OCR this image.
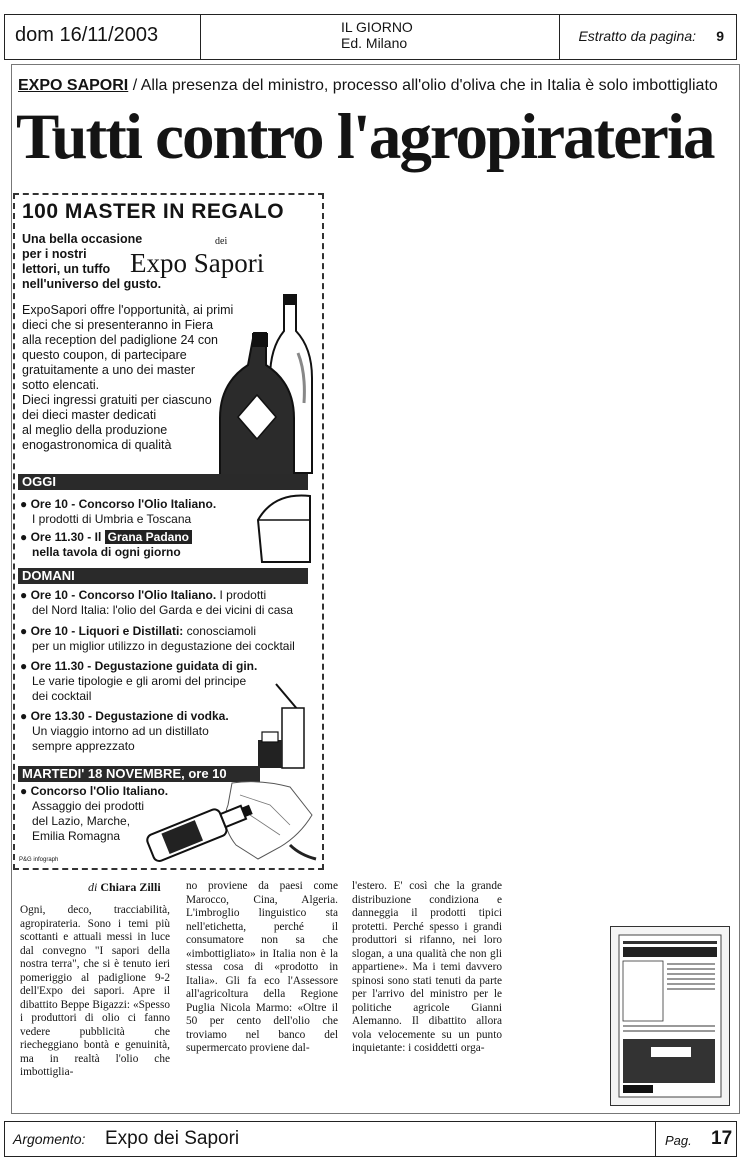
dom 16/11/2003	IL GIORNO
Ed. Milano	Estratto da pagina: 9
EXPO SAPORI / Alla presenza del ministro, processo all'olio d'oliva che in Italia è solo imbottigliato
Tutti contro l'agropirateria
100 MASTER IN REGALO
Una bella occasione
per i nostri
lettori, un tuffo
nell'universo del gusto.
dei
Expo Sapori
ExpoSapori offre l'opportunità, ai primi
dieci che si presenteranno in Fiera
alla reception del padiglione 24 con
questo coupon, di partecipare
gratuitamente a uno dei master
sotto elencati.
Dieci ingressi gratuiti per ciascuno
dei dieci master dedicati
al meglio della produzione
enogastronomica di qualità
OGGI
● Ore 10 - Concorso l'Olio Italiano.
I prodotti di Umbria e Toscana
● Ore 11.30 - Il Grana Padano
nella tavola di ogni giorno
DOMANI
● Ore 10 - Concorso l'Olio Italiano. I prodotti
del Nord Italia: l'olio del Garda e dei vicini di casa
● Ore 10 - Liquori e Distillati: conosciamoli
per un miglior utilizzo in degustazione dei cocktail
● Ore 11.30 - Degustazione guidata di gin.
Le varie tipologie e gli aromi del principe
dei cocktail
● Ore 13.30 - Degustazione di vodka.
Un viaggio intorno ad un distillato
sempre apprezzato
MARTEDI' 18 NOVEMBRE, ore 10
● Concorso l'Olio Italiano.
Assaggio dei prodotti
del Lazio, Marche,
Emilia Romagna
P&G infograph
di Chiara Zilli

Ogni, deco, tracciabilità, agropirateria. Sono i temi più scottanti e attuali messi in luce dal convegno "I sapori della nostra terra", che si è tenuto ieri pomeriggio al padiglione 9-2 dell'Expo dei sapori. Apre il dibattito Beppe Bigazzi: «Spesso i produttori di olio ci fanno vedere pubblicità che riecheggiano bontà e genuinità, ma in realtà l'olio che imbottiglia-

no proviene da paesi come Marocco, Cina, Algeria. L'imbroglio linguistico sta nell'etichetta, perché il consumatore non sa che «imbottigliato» in Italia non è la stessa cosa di «prodotto in Italia». Gli fa eco l'Assessore all'agricoltura della Regione Puglia Nicola Marmo: «Oltre il 50 per cento dell'olio che troviamo nel banco del supermercato proviene dal-

l'estero. E' così che la grande distribuzione condiziona e danneggia il prodotti tipici protetti. Perché spesso i grandi produttori si rifanno, nei loro slogan, a una qualità che non gli appartiene». Ma i temi davvero spinosi sono stati tenuti da parte per l'arrivo del ministro per le politiche agricole Gianni Alemanno. Il dibattito allora vola velocemente su un punto inquietante: i cosiddetti orga-

Argomento: Expo dei Sapori	Pag. 17
